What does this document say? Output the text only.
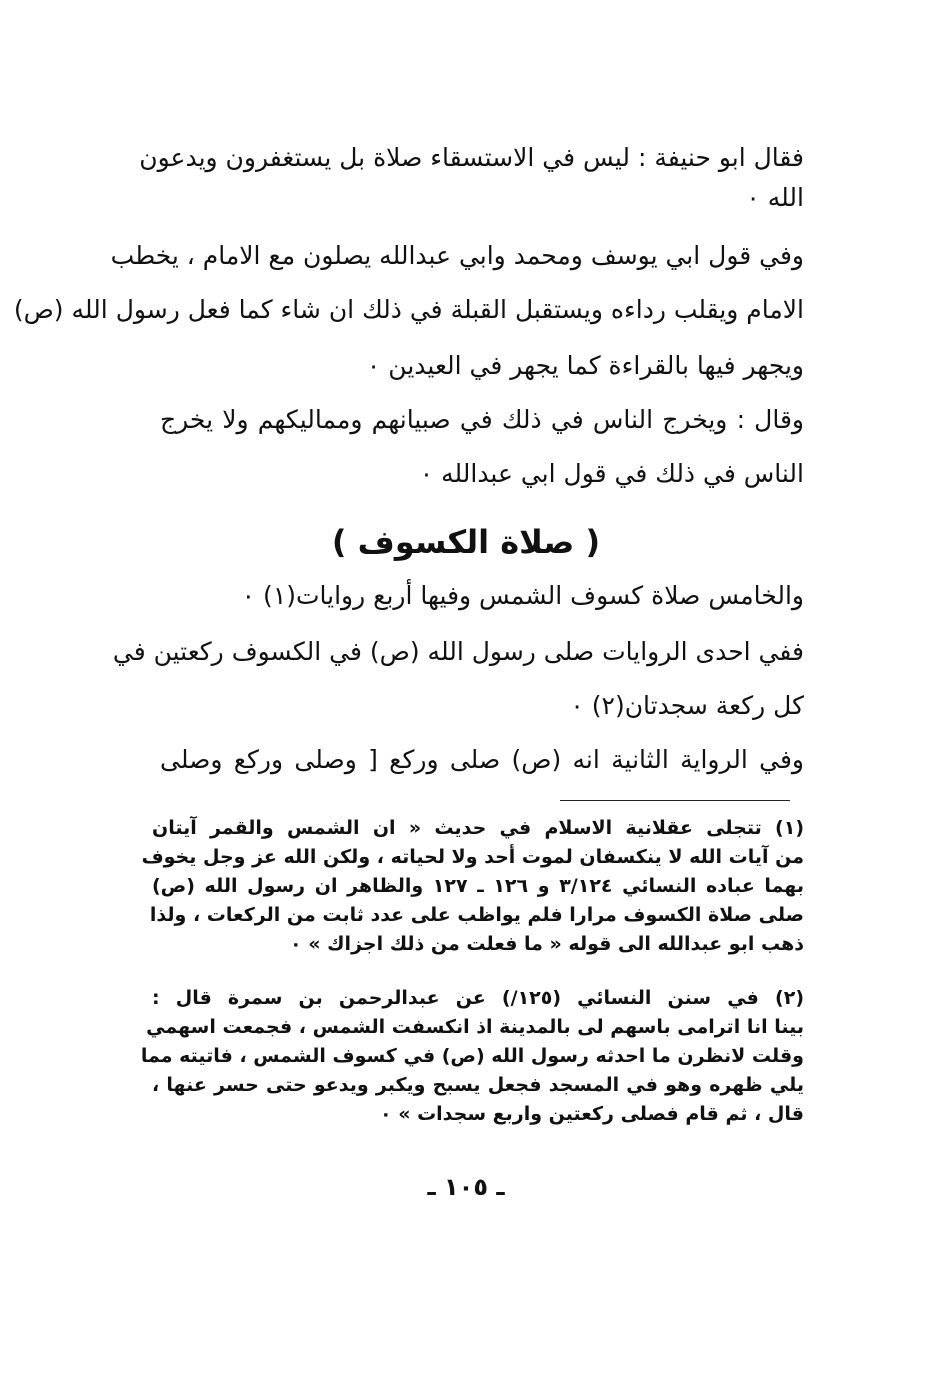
فقال ابو حنيفة : ليس في الاستسقاء صلاة بل يستغفرون ويدعون
الله ٠
وفي قول ابي يوسف ومحمد وابي عبدالله يصلون مع الامام ، يخطب
الامام ويقلب رداءه ويستقبل القبلة في ذلك ان شاء كما فعل رسول الله (ص)
ويجهر فيها بالقراءة كما يجهر في العيدين ٠
وقال : ويخرج الناس في ذلك في صبيانهم ومماليكهم ولا يخرج
الناس في ذلك في قول ابي عبدالله ٠
( صلاة الكسوف )
والخامس صلاة كسوف الشمس وفيها أربع روايات(١) ٠
ففي احدى الروايات صلى رسول الله (ص) في الكسوف ركعتين في
كل ركعة سجدتان(٢) ٠
وفي الرواية الثانية انه (ص) صلى وركع [ وصلى وركع وصلى
(١) تتجلى عقلانية الاسلام في حديث « ان الشمس والقمر آيتان
من آيات الله لا ينكسفان لموت أحد ولا لحياته ، ولكن الله عز وجل يخوف
بهما عباده النسائي ٣/١٢٤ و ١٢٦ ـ ١٢٧ والظاهر ان رسول الله (ص)
صلى صلاة الكسوف مرارا فلم يواظب على عدد ثابت من الركعات ، ولذا
ذهب ابو عبدالله الى قوله « ما فعلت من ذلك اجزاك » ٠
(٢) في سنن النسائي (١٢٥/) عن عبدالرحمن بن سمرة قال :
بينا انا اترامى باسهم لى بالمدينة اذ انكسفت الشمس ، فجمعت اسهمي
وقلت لانظرن ما احدثه رسول الله (ص) في كسوف الشمس ، فاتيته مما
يلي ظهره وهو في المسجد فجعل يسبح ويكبر ويدعو حتى حسر عنها ،
قال ، ثم قام فصلى ركعتين واربع سجدات » ٠
ـ ١٠٥ ـ
